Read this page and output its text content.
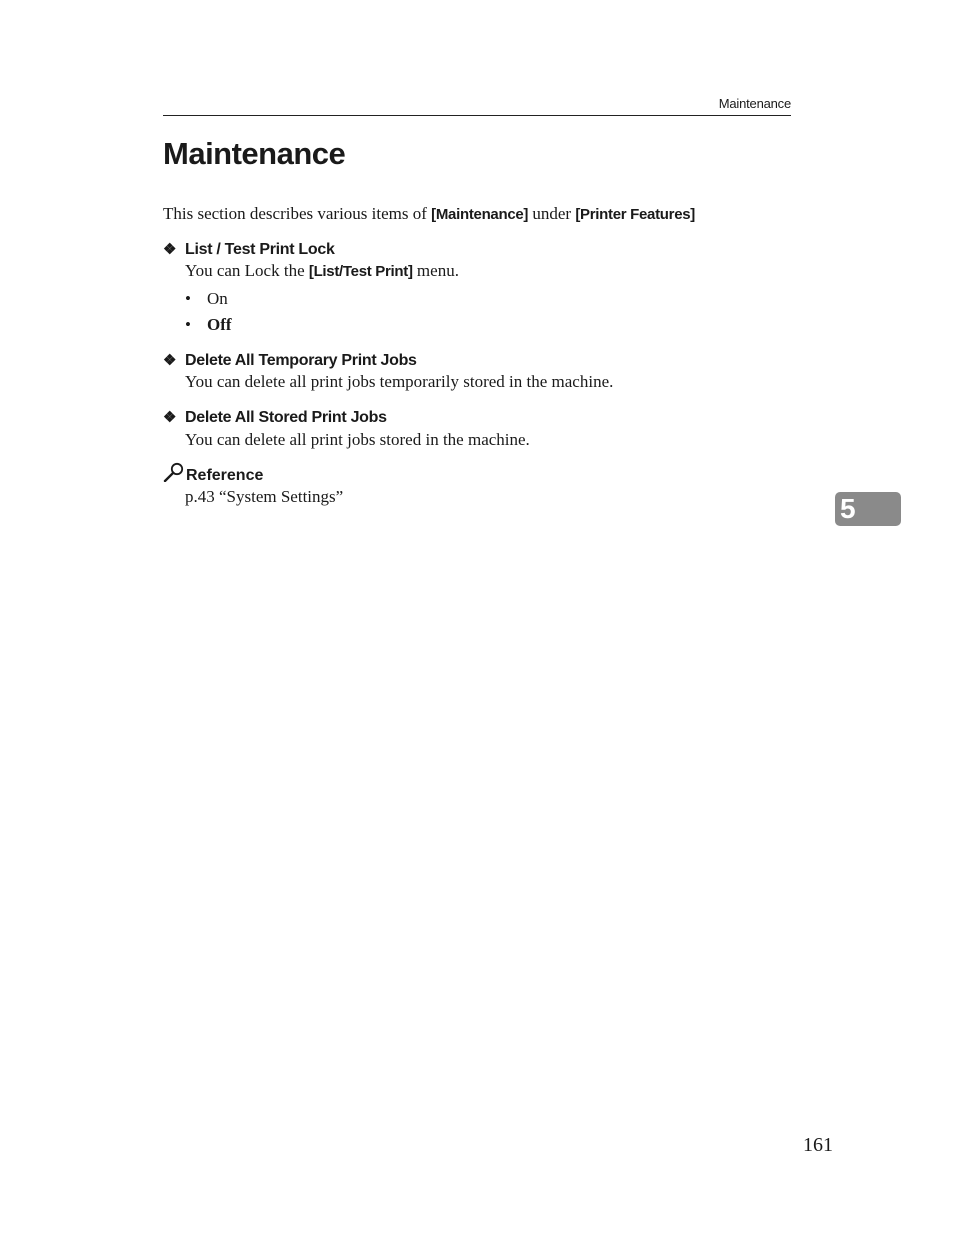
Maintenance
Maintenance
This section describes various items of [Maintenance] under [Printer Features]
❖ List / Test Print Lock
You can Lock the [List/Test Print] menu.
• On
• Off
❖ Delete All Temporary Print Jobs
You can delete all print jobs temporarily stored in the machine.
❖ Delete All Stored Print Jobs
You can delete all print jobs stored in the machine.
Reference
p.43 “System Settings”	5
161
